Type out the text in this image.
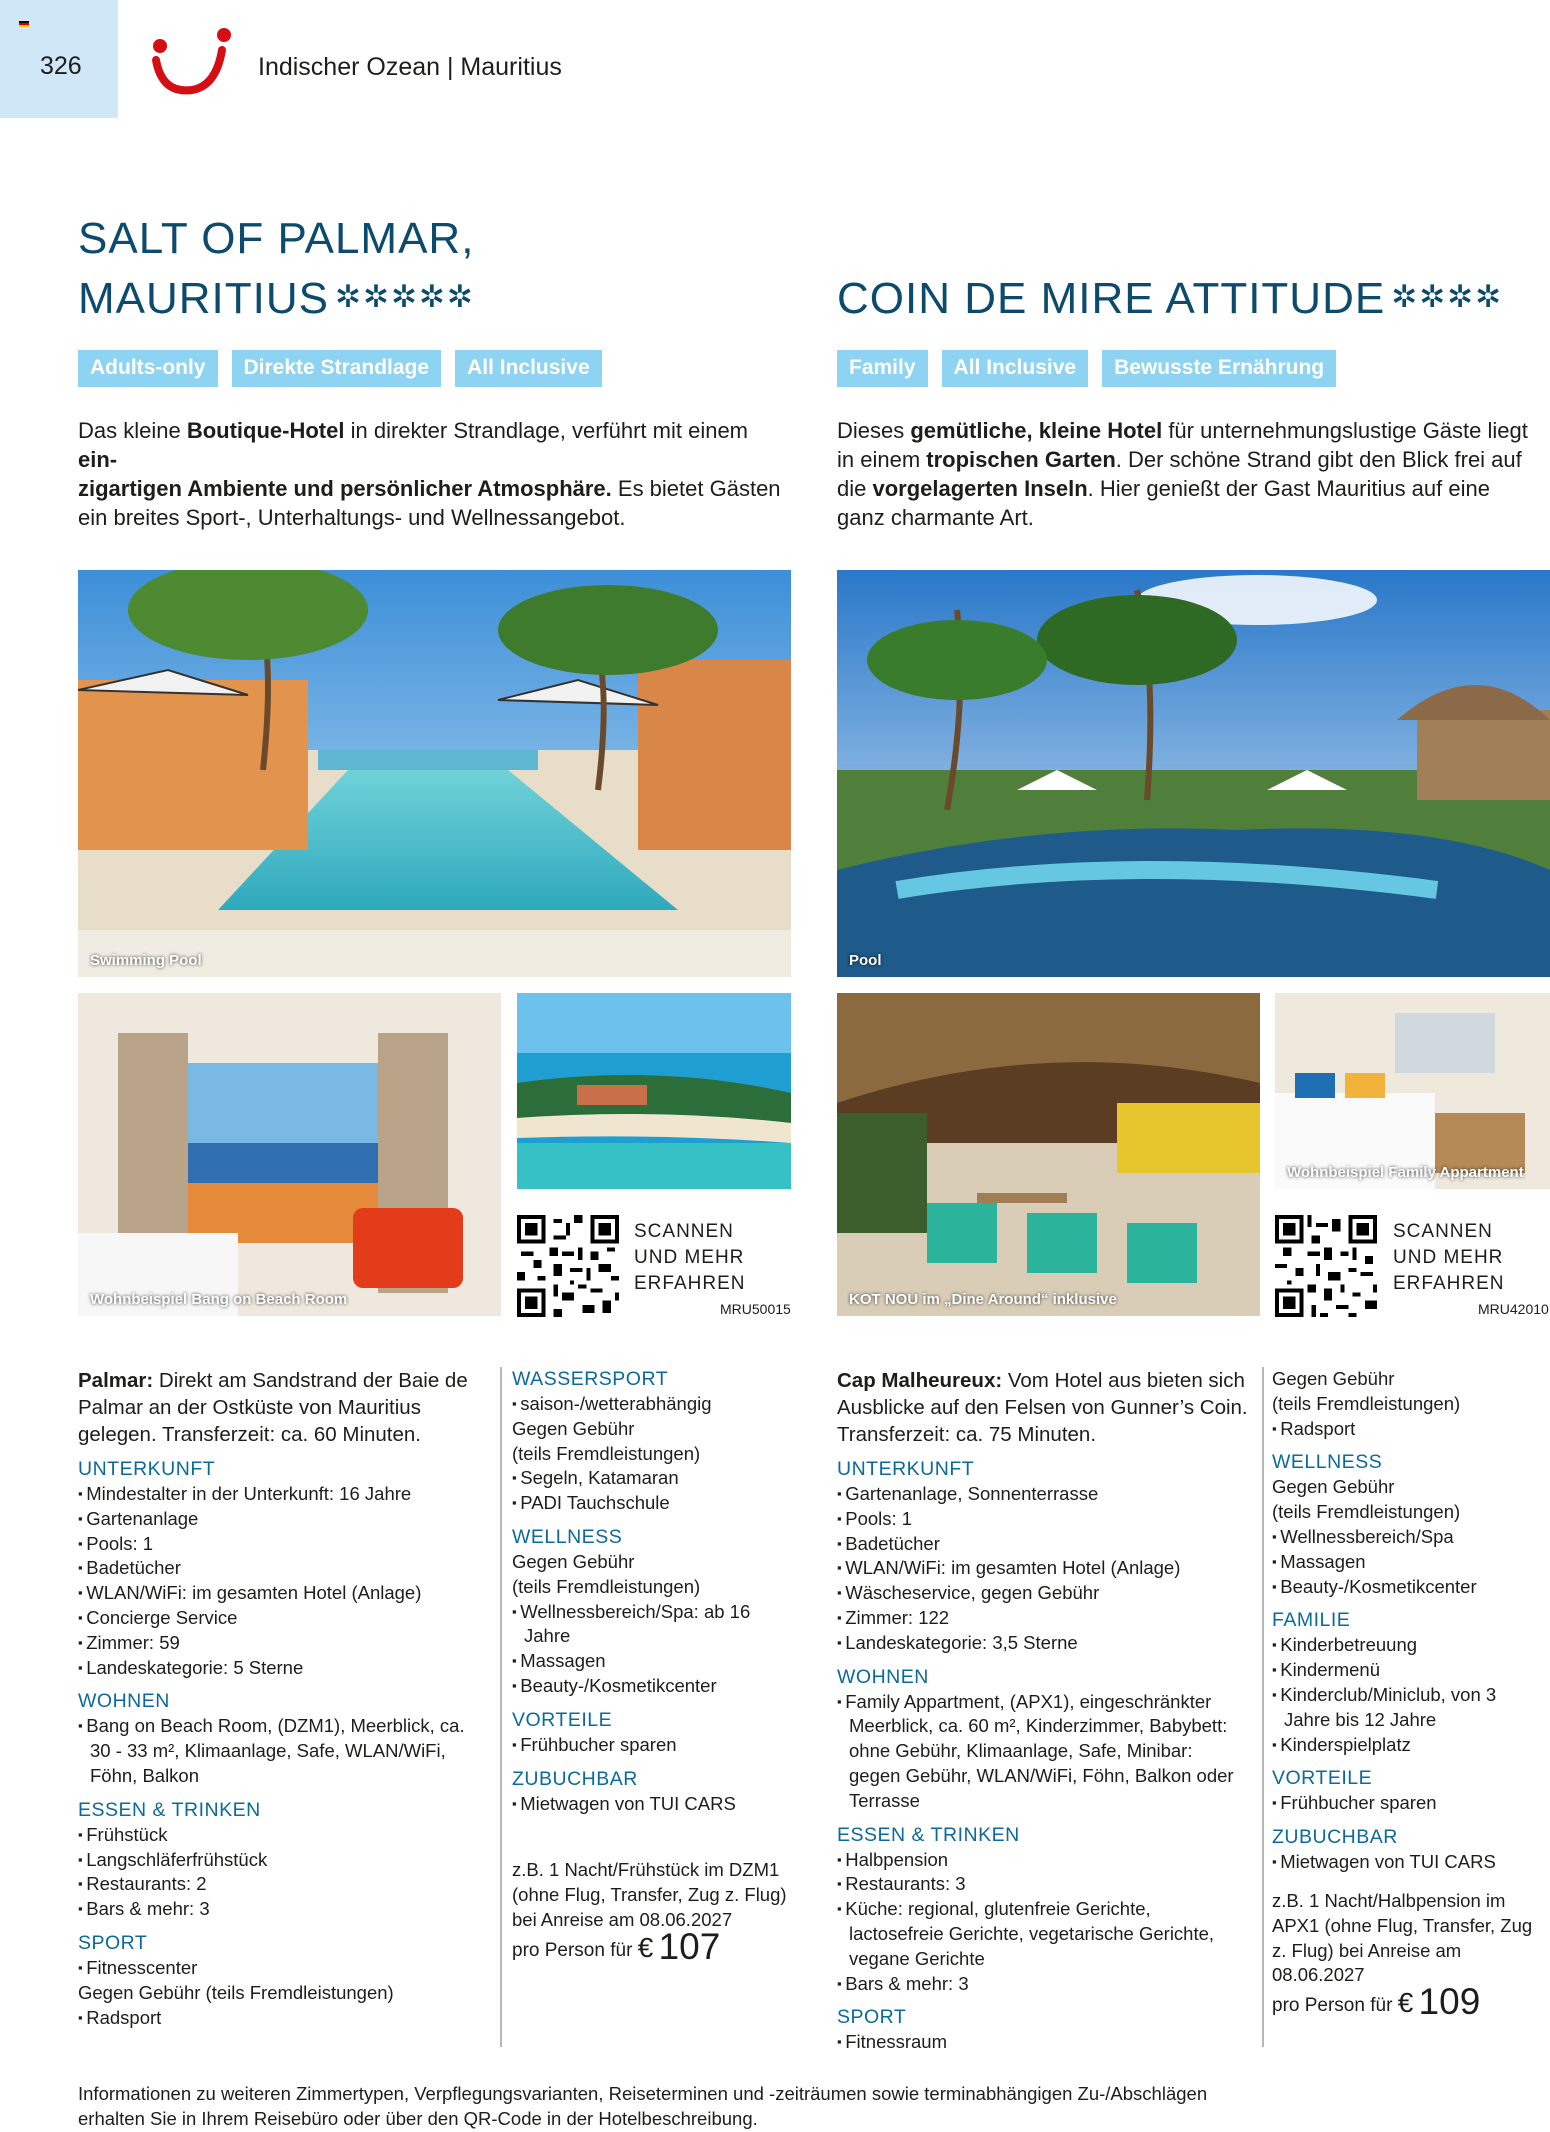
326	Indischer Ozean | Mauritius
SALT OF PALMAR,
MAURITIUS ✲✲✲✲✲
Adults-only	Direkte Strandlage	All Inclusive

Das kleine Boutique-Hotel in direkter Strandlage, verführt mit einem ein-
zigartigen Ambiente und persönlicher Atmosphäre. Es bietet Gästen ein breites Sport-, Unterhaltungs- und Wellnessangebot.

COIN DE MIRE ATTITUDE ✲✲✲✲
Family	All Inclusive	Bewusste Ernährung

Dieses gemütliche, kleine Hotel für unternehmungslustige Gäste liegt in einem tropischen Garten. Der schöne Strand gibt den Blick frei auf die vorgelagerten Inseln. Hier genießt der Gast Mauritius auf eine ganz charmante Art.

Swimming Pool
Wohnbeispiel Bang on Beach Room
SCANNEN
UND MEHR
ERFAHREN
MRU50015
Pool
KOT NOU im „Dine Around“ inklusive
Wohnbeispiel Family Appartment
SCANNEN
UND MEHR
ERFAHREN
MRU42010
Palmar: Direkt am Sandstrand der Baie de Palmar an der Ostküste von Mauritius gelegen. Transferzeit: ca. 60 Minuten.
UNTERKUNFT
▪ Mindestalter in der Unterkunft: 16 Jahre
▪ Gartenanlage
▪ Pools: 1
▪ Badetücher
▪ WLAN/WiFi: im gesamten Hotel (Anlage)
▪ Concierge Service
▪ Zimmer: 59
▪ Landeskategorie: 5 Sterne
WOHNEN
▪ Bang on Beach Room, (DZM1), Meerblick, ca. 30 - 33 m², Klimaanlage, Safe, WLAN/WiFi, Föhn, Balkon
ESSEN & TRINKEN
▪ Frühstück
▪ Langschläferfrühstück
▪ Restaurants: 2
▪ Bars & mehr: 3
SPORT
▪ Fitnesscenter
Gegen Gebühr (teils Fremdleistungen)
▪ Radsport
WASSERSPORT
▪ saison-/wetterabhängig
Gegen Gebühr
(teils Fremdleistungen)
▪ Segeln, Katamaran
▪ PADI Tauchschule
WELLNESS
Gegen Gebühr
(teils Fremdleistungen)
▪ Wellnessbereich/Spa: ab 16 Jahre
▪ Massagen
▪ Beauty-/Kosmetikcenter
VORTEILE
▪ Frühbucher sparen
ZUBUCHBAR
▪ Mietwagen von TUI CARS
z.B. 1 Nacht/Frühstück im DZM1 (ohne Flug, Transfer, Zug z. Flug) bei Anreise am 08.06.2027
pro Person für € 107
Cap Malheureux: Vom Hotel aus bieten sich Ausblicke auf den Felsen von Gunner’s Coin. Transferzeit: ca. 75 Minuten.
UNTERKUNFT
▪ Gartenanlage, Sonnenterrasse
▪ Pools: 1
▪ Badetücher
▪ WLAN/WiFi: im gesamten Hotel (Anlage)
▪ Wäscheservice, gegen Gebühr
▪ Zimmer: 122
▪ Landeskategorie: 3,5 Sterne
WOHNEN
▪ Family Appartment, (APX1), eingeschränkter Meerblick, ca. 60 m², Kinderzimmer, Babybett: ohne Gebühr, Klimaanlage, Safe, Minibar: gegen Gebühr, WLAN/WiFi, Föhn, Balkon oder Terrasse
ESSEN & TRINKEN
▪ Halbpension
▪ Restaurants: 3
▪ Küche: regional, glutenfreie Gerichte, lactosefreie Gerichte, vegetarische Gerichte, vegane Gerichte
▪ Bars & mehr: 3
SPORT
▪ Fitnessraum
Gegen Gebühr
(teils Fremdleistungen)
▪ Radsport
WELLNESS
Gegen Gebühr
(teils Fremdleistungen)
▪ Wellnessbereich/Spa
▪ Massagen
▪ Beauty-/Kosmetikcenter
FAMILIE
▪ Kinderbetreuung
▪ Kindermenü
▪ Kinderclub/Miniclub, von 3 Jahre bis 12 Jahre
▪ Kinderspielplatz
VORTEILE
▪ Frühbucher sparen
ZUBUCHBAR
▪ Mietwagen von TUI CARS
z.B. 1 Nacht/Halbpension im APX1 (ohne Flug, Transfer, Zug z. Flug) bei Anreise am 08.06.2027
pro Person für € 109
Informationen zu weiteren Zimmertypen, Verpflegungsvarianten, Reiseterminen und -zeiträumen sowie terminabhängigen Zu-/Abschlägen erhalten Sie in Ihrem Reisebüro oder über den QR-Code in der Hotelbeschreibung.
